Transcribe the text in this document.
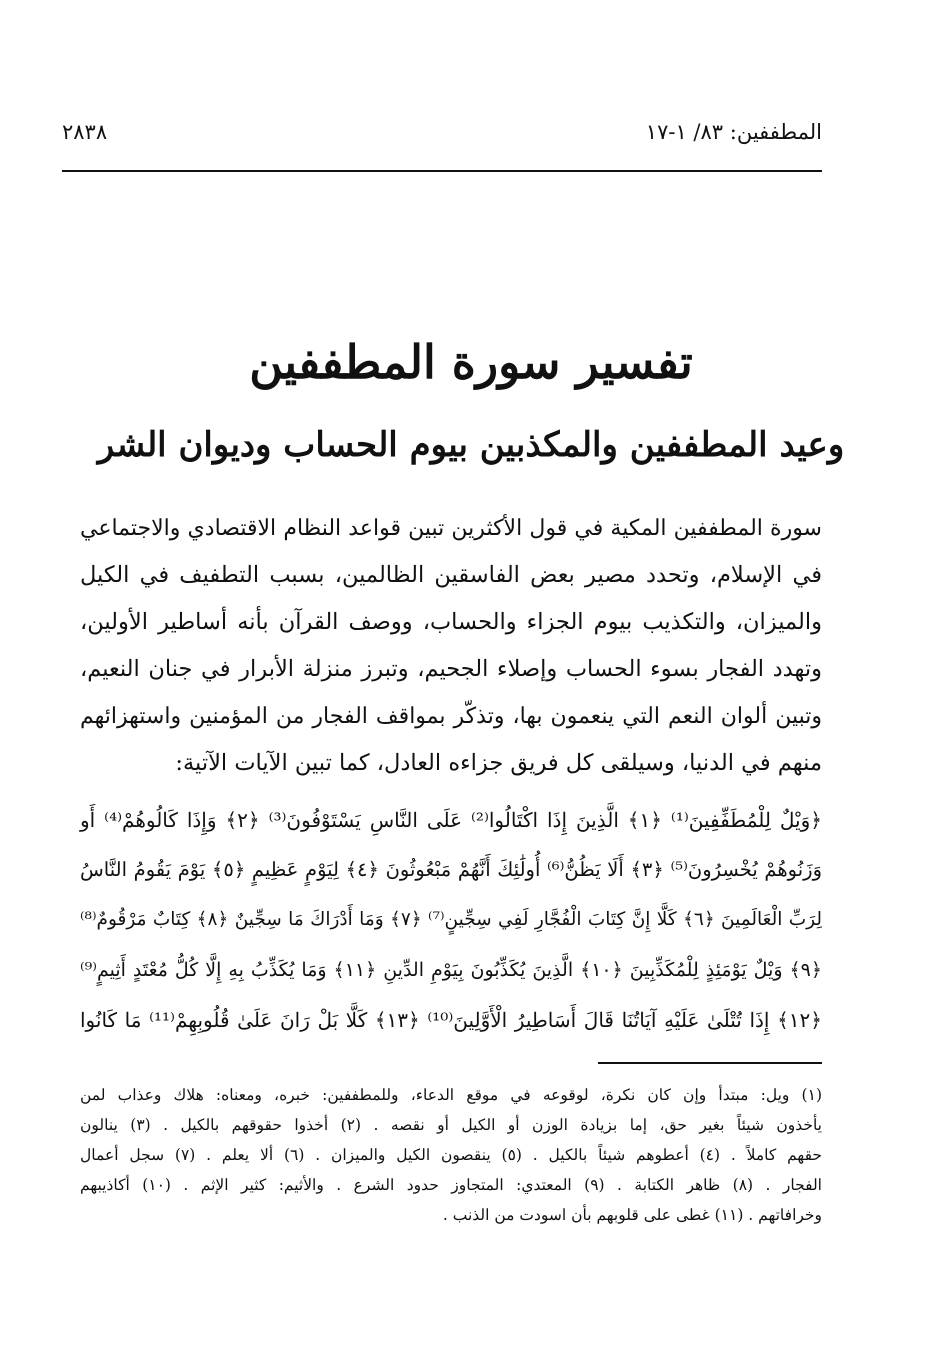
المطففين: ٨٣/ ١-١٧
٢٨٣٨
تفسير سورة المطففين
وعيد المطففين والمكذبين بيوم الحساب وديوان الشر
سورة المطففين المكية في قول الأكثرين تبين قواعد النظام الاقتصادي والاجتماعي
في الإسلام، وتحدد مصير بعض الفاسقين الظالمين، بسبب التطفيف في الكيل
والميزان، والتكذيب بيوم الجزاء والحساب، ووصف القرآن بأنه أساطير الأولين،
وتهدد الفجار بسوء الحساب وإصلاء الجحيم، وتبرز منزلة الأبرار في جنان النعيم،
وتبين ألوان النعم التي ينعمون بها، وتذكّر بمواقف الفجار من المؤمنين واستهزائهم
منهم في الدنيا، وسيلقى كل فريق جزاءه العادل، كما تبين الآيات الآتية:
﴿وَيْلٌ لِلْمُطَفِّفِينَ⁽¹⁾ ﴿١﴾ الَّذِينَ إِذَا اكْتَالُوا⁽²⁾ عَلَى النَّاسِ يَسْتَوْفُونَ⁽³⁾ ﴿٢﴾ وَإِذَا كَالُوهُمْ⁽⁴⁾ أَو
وَزَنُوهُمْ يُخْسِرُونَ⁽⁵⁾ ﴿٣﴾ أَلَا يَظُنُّ⁽⁶⁾ أُولَٰئِكَ أَنَّهُمْ مَبْعُوثُونَ ﴿٤﴾ لِيَوْمٍ عَظِيمٍ ﴿٥﴾ يَوْمَ يَقُومُ النَّاسُ
لِرَبِّ الْعَالَمِينَ ﴿٦﴾ كَلَّا إِنَّ كِتَابَ الْفُجَّارِ لَفِي سِجِّينٍ⁽⁷⁾ ﴿٧﴾ وَمَا أَدْرَاكَ مَا سِجِّينٌ ﴿٨﴾ كِتَابٌ مَرْقُومٌ⁽⁸⁾
﴿٩﴾ وَيْلٌ يَوْمَئِذٍ لِلْمُكَذِّبِينَ ﴿١٠﴾ الَّذِينَ يُكَذِّبُونَ بِيَوْمِ الدِّينِ ﴿١١﴾ وَمَا يُكَذِّبُ بِهِ إِلَّا كُلُّ مُعْتَدٍ أَثِيمٍ⁽⁹⁾
﴿١٢﴾ إِذَا تُتْلَىٰ عَلَيْهِ آيَاتُنَا قَالَ أَسَاطِيرُ الْأَوَّلِينَ⁽¹⁰⁾ ﴿١٣﴾ كَلَّا بَلْ رَانَ عَلَىٰ قُلُوبِهِمْ⁽¹¹⁾ مَا كَانُوا
(١) ويل: مبتدأ وإن كان نكرة، لوقوعه في موقع الدعاء، وللمطففين: خبره، ومعناه: هلاك وعذاب لمن
يأخذون شيئاً بغير حق، إما بزيادة الوزن أو الكيل أو نقصه . (٢) أخذوا حقوقهم بالكيل . (٣) ينالون
حقهم كاملاً . (٤) أعطوهم شيئاً بالكيل . (٥) ينقصون الكيل والميزان . (٦) ألا يعلم . (٧) سجل أعمال
الفجار . (٨) ظاهر الكتابة . (٩) المعتدي: المتجاوز حدود الشرع . والأثيم: كثير الإثم . (١٠) أكاذيبهم
وخرافاتهم . (١١) غطى على قلوبهم بأن اسودت من الذنب .
